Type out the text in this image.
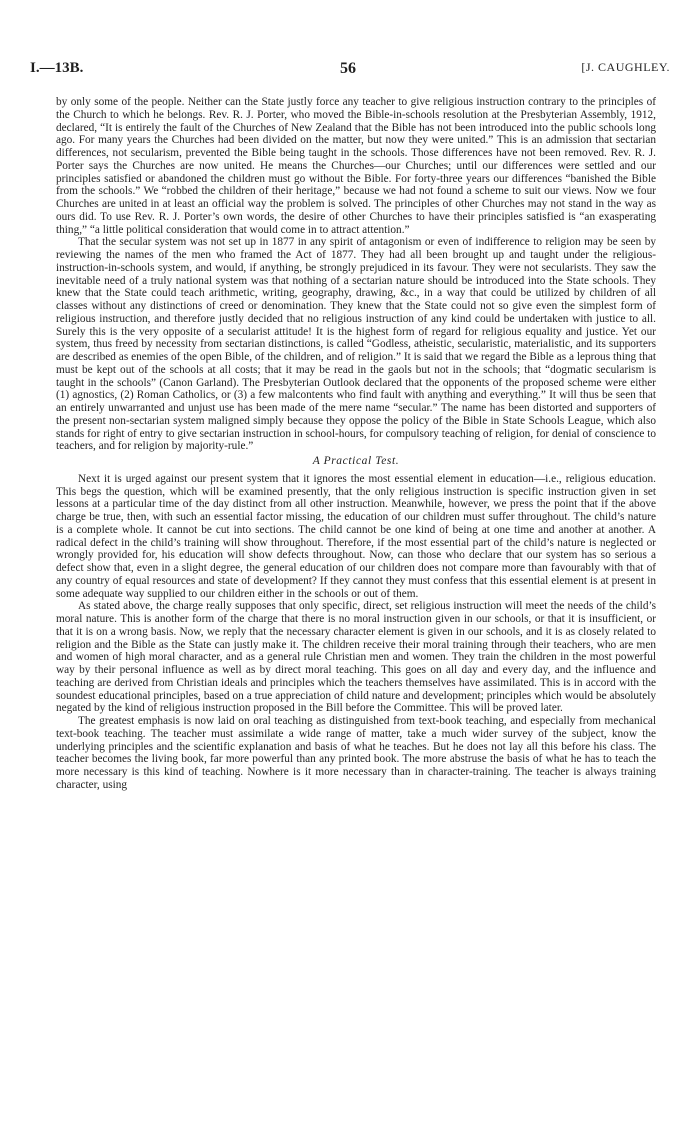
I.—13B.	56	[J. CAUGHLEY.

by only some of the people. Neither can the State justly force any teacher to give religious instruction contrary to the principles of the Church to which he belongs. Rev. R. J. Porter, who moved the Bible-in-schools resolution at the Presbyterian Assembly, 1912, declared, “It is entirely the fault of the Churches of New Zealand that the Bible has not been introduced into the public schools long ago. For many years the Churches had been divided on the matter, but now they were united.” This is an admission that sectarian differences, not secularism, prevented the Bible being taught in the schools. Those differences have not been removed. Rev. R. J. Porter says the Churches are now united. He means the Churches—our Churches; until our differences were settled and our principles satisfied or abandoned the children must go without the Bible. For forty-three years our differences “banished the Bible from the schools.” We “robbed the children of their heritage,” because we had not found a scheme to suit our views. Now we four Churches are united in at least an official way the problem is solved. The principles of other Churches may not stand in the way as ours did. To use Rev. R. J. Porter’s own words, the desire of other Churches to have their principles satisfied is “an exasperating thing,” “a little political consideration that would come in to attract attention.”

That the secular system was not set up in 1877 in any spirit of antagonism or even of indifference to religion may be seen by reviewing the names of the men who framed the Act of 1877. They had all been brought up and taught under the religious-instruction-in-schools system, and would, if anything, be strongly prejudiced in its favour. They were not secularists. They saw the inevitable need of a truly national system was that nothing of a sectarian nature should be introduced into the State schools. They knew that the State could teach arithmetic, writing, geography, drawing, &c., in a way that could be utilized by children of all classes without any distinctions of creed or denomination. They knew that the State could not so give even the simplest form of religious instruction, and therefore justly decided that no religious instruction of any kind could be undertaken with justice to all. Surely this is the very opposite of a secularist attitude! It is the highest form of regard for religious equality and justice. Yet our system, thus freed by necessity from sectarian distinctions, is called “Godless, atheistic, secularistic, materialistic, and its supporters are described as enemies of the open Bible, of the children, and of religion.” It is said that we regard the Bible as a leprous thing that must be kept out of the schools at all costs; that it may be read in the gaols but not in the schools; that “dogmatic secularism is taught in the schools” (Canon Garland). The Presbyterian Outlook declared that the opponents of the proposed scheme were either (1) agnostics, (2) Roman Catholics, or (3) a few malcontents who find fault with anything and everything.” It will thus be seen that an entirely unwarranted and unjust use has been made of the mere name “secular.” The name has been distorted and supporters of the present non-sectarian system maligned simply because they oppose the policy of the Bible in State Schools League, which also stands for right of entry to give sectarian instruction in school-hours, for compulsory teaching of religion, for denial of conscience to teachers, and for religion by majority-rule.”

A Practical Test.

Next it is urged against our present system that it ignores the most essential element in education—i.e., religious education. This begs the question, which will be examined presently, that the only religious instruction is specific instruction given in set lessons at a particular time of the day distinct from all other instruction. Meanwhile, however, we press the point that if the above charge be true, then, with such an essential factor missing, the education of our children must suffer throughout. The child’s nature is a complete whole. It cannot be cut into sections. The child cannot be one kind of being at one time and another at another. A radical defect in the child’s training will show throughout. Therefore, if the most essential part of the child’s nature is neglected or wrongly provided for, his education will show defects throughout. Now, can those who declare that our system has so serious a defect show that, even in a slight degree, the general education of our children does not compare more than favourably with that of any country of equal resources and state of development? If they cannot they must confess that this essential element is at present in some adequate way supplied to our children either in the schools or out of them.

As stated above, the charge really supposes that only specific, direct, set religious instruction will meet the needs of the child’s moral nature. This is another form of the charge that there is no moral instruction given in our schools, or that it is insufficient, or that it is on a wrong basis. Now, we reply that the necessary character element is given in our schools, and it is as closely related to religion and the Bible as the State can justly make it. The children receive their moral training through their teachers, who are men and women of high moral character, and as a general rule Christian men and women. They train the children in the most powerful way by their personal influence as well as by direct moral teaching. This goes on all day and every day, and the influence and teaching are derived from Christian ideals and principles which the teachers themselves have assimilated. This is in accord with the soundest educational principles, based on a true appreciation of child nature and development; principles which would be absolutely negated by the kind of religious instruction proposed in the Bill before the Committee. This will be proved later.

The greatest emphasis is now laid on oral teaching as distinguished from text-book teaching, and especially from mechanical text-book teaching. The teacher must assimilate a wide range of matter, take a much wider survey of the subject, know the underlying principles and the scientific explanation and basis of what he teaches. But he does not lay all this before his class. The teacher becomes the living book, far more powerful than any printed book. The more abstruse the basis of what he has to teach the more necessary is this kind of teaching. Nowhere is it more necessary than in character-training. The teacher is always training character, using
